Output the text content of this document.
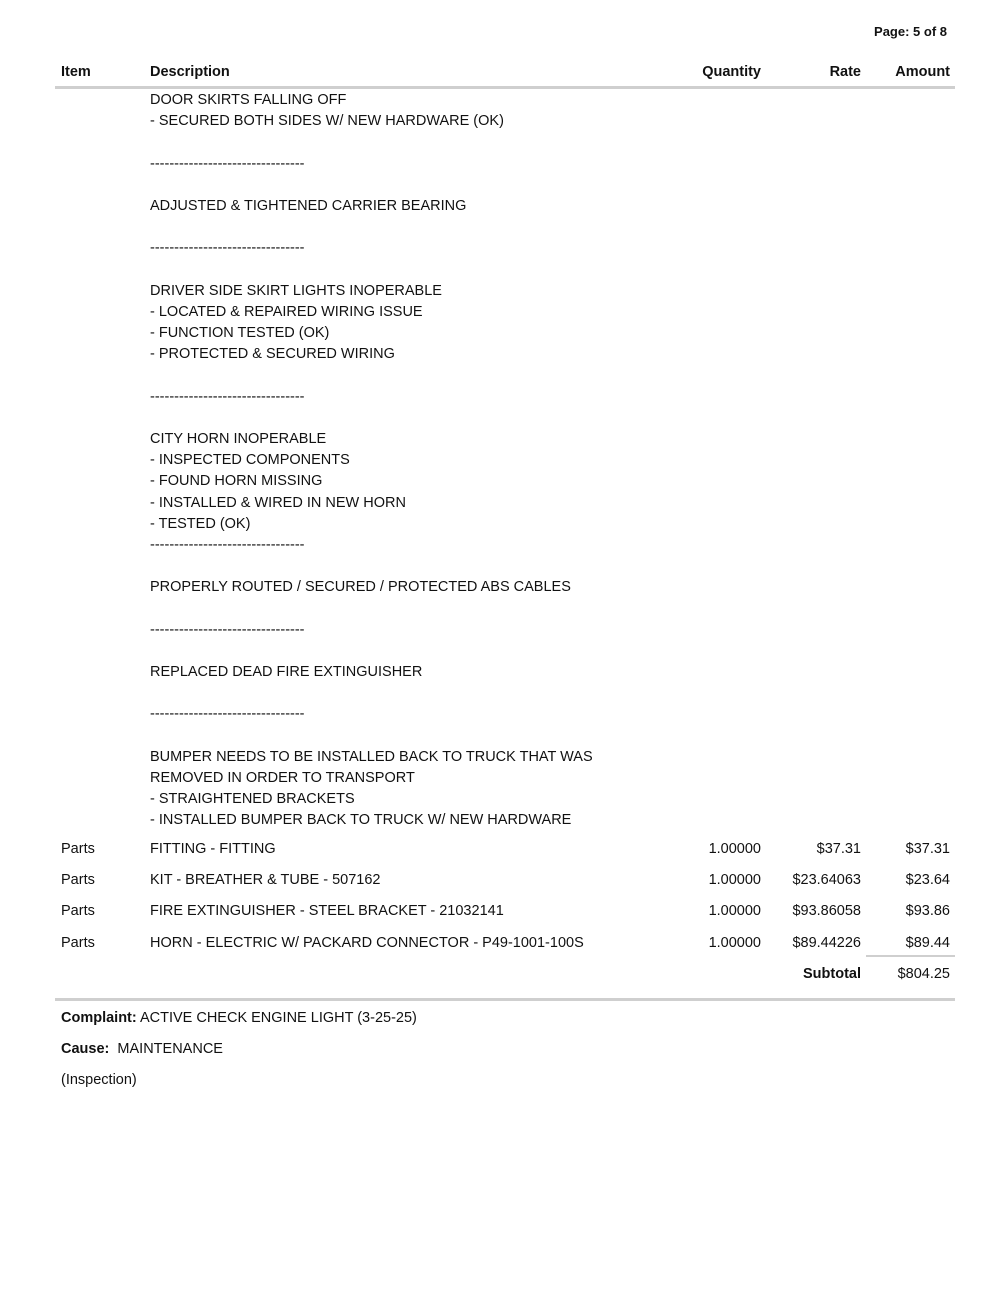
Page: 5 of 8
Item	Description	Quantity	Rate Amount
DOOR SKIRTS FALLING OFF
- SECURED BOTH SIDES W/ NEW HARDWARE (OK)
--------------------------------
ADJUSTED & TIGHTENED CARRIER BEARING
--------------------------------
DRIVER SIDE SKIRT LIGHTS INOPERABLE
- LOCATED & REPAIRED WIRING ISSUE
- FUNCTION TESTED (OK)
- PROTECTED & SECURED WIRING
--------------------------------
CITY HORN INOPERABLE
- INSPECTED COMPONENTS
- FOUND HORN MISSING
- INSTALLED & WIRED IN NEW HORN
- TESTED (OK)
--------------------------------
PROPERLY ROUTED / SECURED / PROTECTED ABS CABLES
--------------------------------
REPLACED DEAD FIRE EXTINGUISHER
--------------------------------
BUMPER NEEDS TO BE INSTALLED BACK TO TRUCK THAT WAS
REMOVED IN ORDER TO TRANSPORT
- STRAIGHTENED BRACKETS
- INSTALLED BUMPER BACK TO TRUCK W/ NEW HARDWARE
Parts	FITTING - FITTING	1.00000	$37.31	$37.31
Parts	KIT - BREATHER & TUBE - 507162	1.00000 $23.64063	$23.64
Parts	FIRE EXTINGUISHER - STEEL BRACKET - 21032141	1.00000 $93.86058	$93.86
Parts	HORN - ELECTRIC W/ PACKARD CONNECTOR - P49-1001-100S	1.00000 $89.44226	$89.44
Subtotal	$804.25
Complaint: ACTIVE CHECK ENGINE LIGHT (3-25-25)
Cause: MAINTENANCE
(Inspection)
